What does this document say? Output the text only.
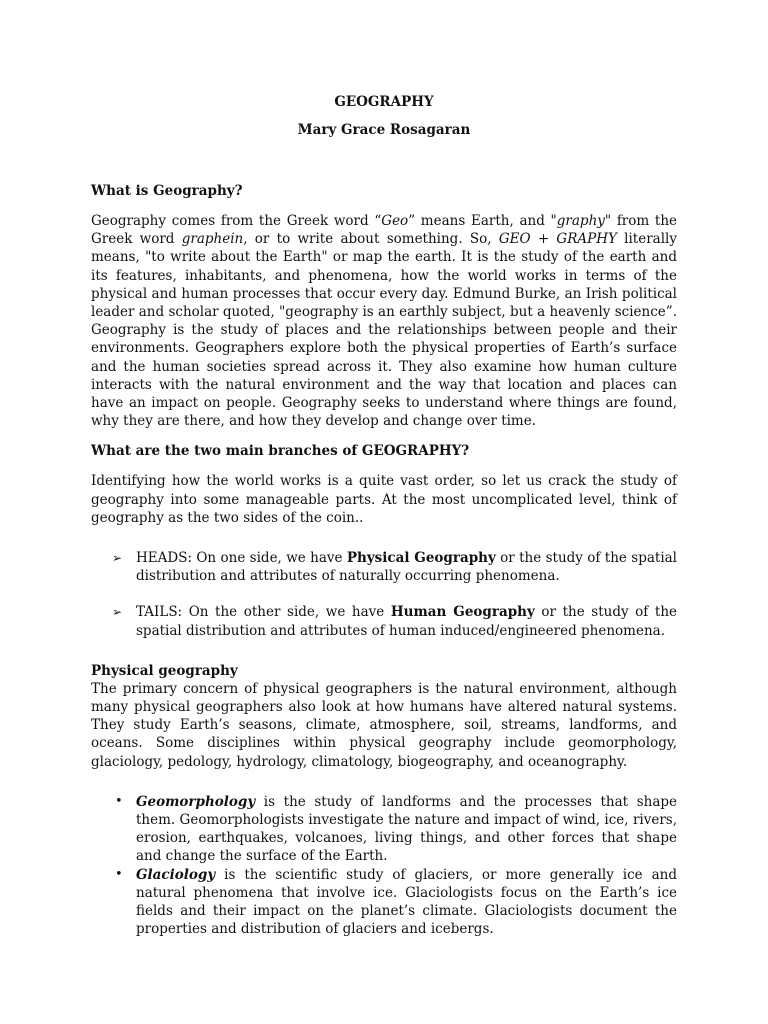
GEOGRAPHY
Mary Grace Rosagaran
What is Geography?

Geography comes from the Greek word “Geo” means Earth, and "graphy" from the Greek word graphein, or to write about something. So, GEO + GRAPHY literally means, "to write about the Earth" or map the earth. It is the study of the earth and its features, inhabitants, and phenomena, how the world works in terms of the physical and human processes that occur every day. Edmund Burke, an Irish political leader and scholar quoted, "geography is an earthly subject, but a heavenly science”. Geography is the study of places and the relationships between people and their environments. Geographers explore both the physical properties of Earth’s surface and the human societies spread across it. They also examine how human culture interacts with the natural environment and the way that location and places can have an impact on people. Geography seeks to understand where things are found, why they are there, and how they develop and change over time.

What are the two main branches of GEOGRAPHY?

Identifying how the world works is a quite vast order, so let us crack the study of geography into some manageable parts. At the most uncomplicated level, think of geography as the two sides of the coin..

➢ HEADS: On one side, we have Physical Geography or the study of the spatial distribution and attributes of naturally occurring phenomena.
➢ TAILS: On the other side, we have Human Geography or the study of the spatial distribution and attributes of human induced/engineered phenomena.
Physical geography

The primary concern of physical geographers is the natural environment, although many physical geographers also look at how humans have altered natural systems. They study Earth’s seasons, climate, atmosphere, soil, streams, landforms, and oceans. Some disciplines within physical geography include geomorphology, glaciology, pedology, hydrology, climatology, biogeography, and oceanography.

• Geomorphology is the study of landforms and the processes that shape them. Geomorphologists investigate the nature and impact of wind, ice, rivers, erosion, earthquakes, volcanoes, living things, and other forces that shape and change the surface of the Earth.
• Glaciology is the scientific study of glaciers, or more generally ice and natural phenomena that involve ice. Glaciologists focus on the Earth’s ice fields and their impact on the planet’s climate. Glaciologists document the properties and distribution of glaciers and icebergs.
